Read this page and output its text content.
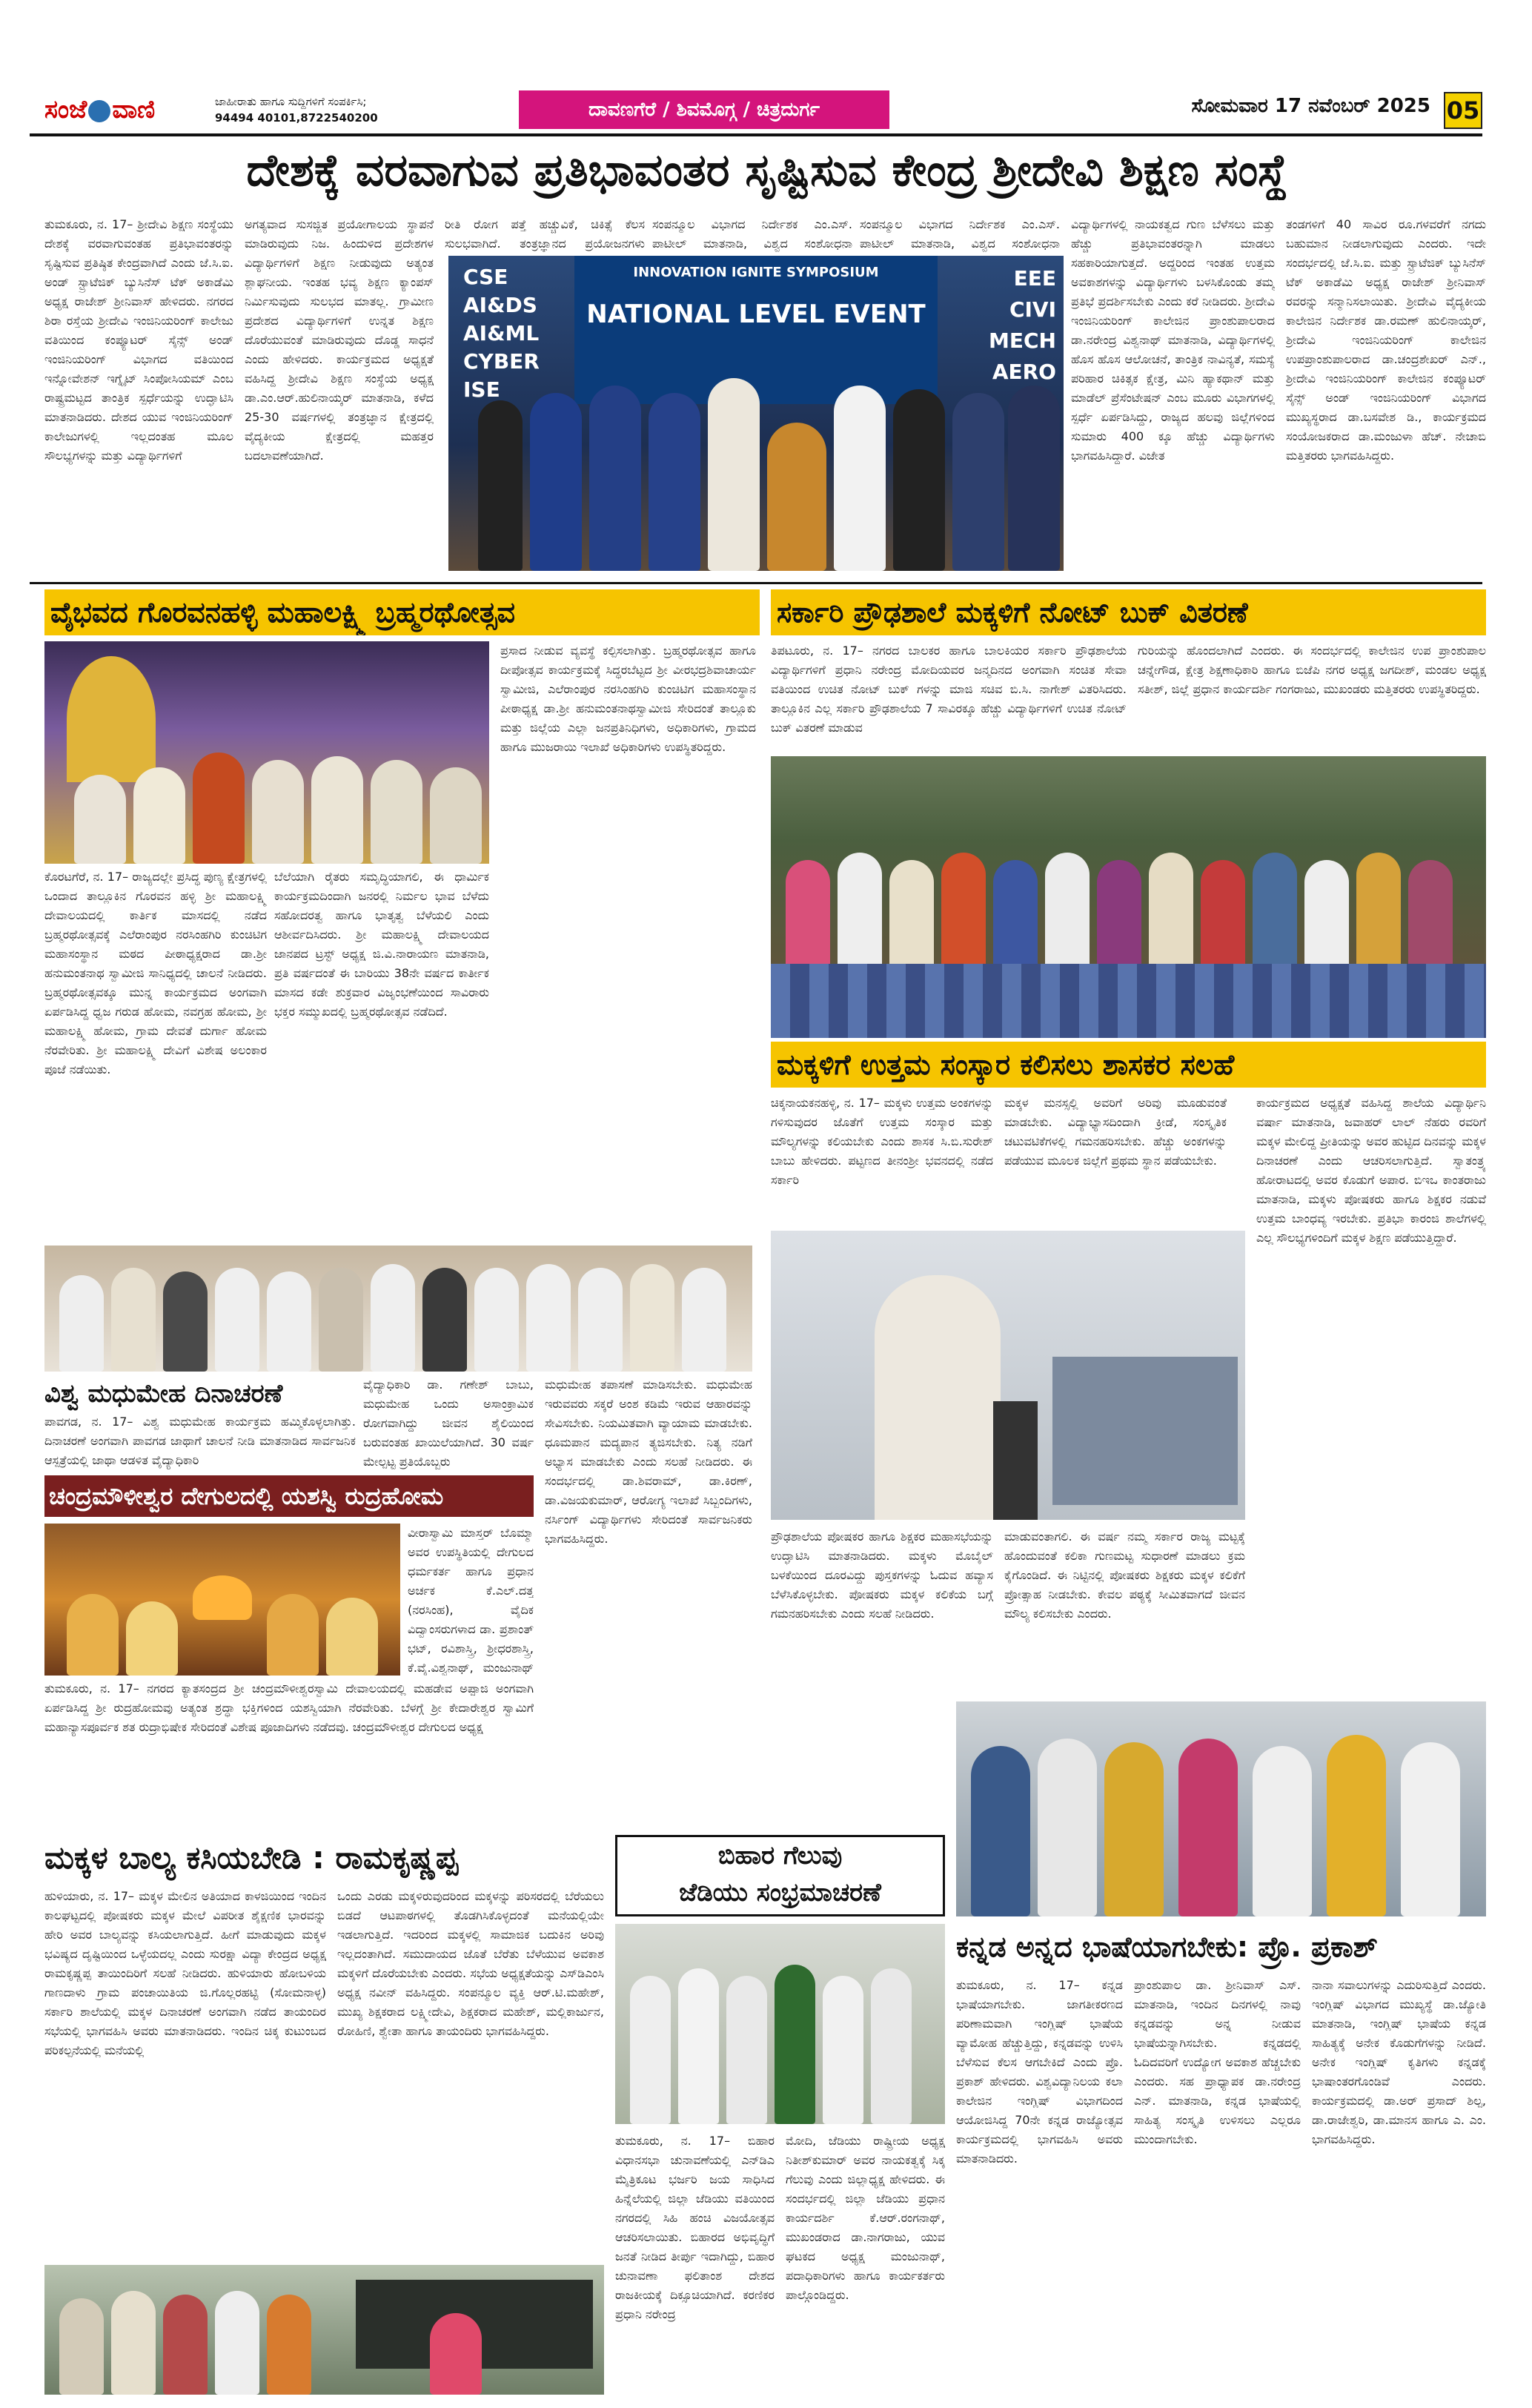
ಸಂಜೆ ವಾಣಿ	ಜಾಹೀರಾತು ಹಾಗೂ ಸುದ್ದಿಗಳಿಗೆ ಸಂಪರ್ಕಿಸಿ;
94494 40101,8722540200	ದಾವಣಗೆರೆ / ಶಿವಮೊಗ್ಗ / ಚಿತ್ರದುರ್ಗ	ಸೋಮವಾರ 17 ನವೆಂಬರ್ 2025 05
ದೇಶಕ್ಕೆ ವರವಾಗುವ ಪ್ರತಿಭಾವಂತರ ಸೃಷ್ಟಿಸುವ ಕೇಂದ್ರ ಶ್ರೀದೇವಿ ಶಿಕ್ಷಣ ಸಂಸ್ಥೆ
ತುಮಕೂರು, ನ. 17– ಶ್ರೀದೇವಿ ಶಿಕ್ಷಣ ಸಂಸ್ಥೆಯು ದೇಶಕ್ಕೆ ವರವಾಗುವಂತಹ ಪ್ರತಿಭಾವಂತರನ್ನು ಸೃಷ್ಟಿಸುವ ಪ್ರತಿಷ್ಠಿತ ಕೇಂದ್ರವಾಗಿದೆ ಎಂದು ಜೆ.ಸಿ.ಐ. ಅಂಡ್ ಸ್ಟ್ರಾಟೆಜಿಕ್ ಬ್ಯುಸಿನೆಸ್ ಟೆಕ್ ಅಕಾಡೆಮಿ ಅಧ್ಯಕ್ಷ ರಾಜೇಶ್ ಶ್ರೀನಿವಾಸ್ ಹೇಳಿದರು. ನಗರದ ಶಿರಾ ರಸ್ತೆಯ ಶ್ರೀದೇವಿ ಇಂಜಿನಿಯರಿಂಗ್ ಕಾಲೇಜು ವತಿಯಿಂದ ಕಂಪ್ಯೂಟರ್ ಸೈನ್ಸ್ ಅಂಡ್ ಇಂಜಿನಿಯರಿಂಗ್ ವಿಭಾಗದ ವತಿಯಿಂದ ಇನ್ನೋವೇಶನ್ ಇಗ್ನೈಟ್ ಸಿಂಪೋಸಿಯಮ್ ಎಂಬ ರಾಷ್ಟ್ರಮಟ್ಟದ ತಾಂತ್ರಿಕ ಸ್ಪರ್ಧೆಯನ್ನು ಉದ್ಘಾಟಿಸಿ ಮಾತನಾಡಿದರು. ದೇಶದ ಯುವ ಇಂಜಿನಿಯರಿಂಗ್ ಕಾಲೇಜುಗಳಲ್ಲಿ ಇಲ್ಲದಂತಹ ಮೂಲ ಸೌಲಭ್ಯಗಳನ್ನು ಮತ್ತು ವಿದ್ಯಾರ್ಥಿಗಳಿಗೆ
ಅಗತ್ಯವಾದ ಸುಸಜ್ಜಿತ ಪ್ರಯೋಗಾಲಯ ಸ್ಥಾಪನೆ ಮಾಡಿರುವುದು ನಿಜ. ಹಿಂದುಳಿದ ಪ್ರದೇಶಗಳ ವಿದ್ಯಾರ್ಥಿಗಳಿಗೆ ಶಿಕ್ಷಣ ನೀಡುವುದು ಅತ್ಯಂತ ಶ್ಲಾಘನೀಯ. ಇಂತಹ ಭವ್ಯ ಶಿಕ್ಷಣ ಕ್ಯಾಂಪಸ್ ನಿರ್ಮಿಸುವುದು ಸುಲಭದ ಮಾತಲ್ಲ. ಗ್ರಾಮೀಣ ಪ್ರದೇಶದ ವಿದ್ಯಾರ್ಥಿಗಳಿಗೆ ಉನ್ನತ ಶಿಕ್ಷಣ ದೊರೆಯುವಂತೆ ಮಾಡಿರುವುದು ದೊಡ್ಡ ಸಾಧನೆ ಎಂದು ಹೇಳಿದರು. ಕಾರ್ಯಕ್ರಮದ ಅಧ್ಯಕ್ಷತೆ ವಹಿಸಿದ್ದ ಶ್ರೀದೇವಿ ಶಿಕ್ಷಣ ಸಂಸ್ಥೆಯ ಅಧ್ಯಕ್ಷ ಡಾ.ಎಂ.ಆರ್.ಹುಲಿನಾಯ್ಕರ್ ಮಾತನಾಡಿ, ಕಳೆದ 25-30 ವರ್ಷಗಳಲ್ಲಿ ತಂತ್ರಜ್ಞಾನ ಕ್ಷೇತ್ರದಲ್ಲಿ ವೈದ್ಯಕೀಯ ಕ್ಷೇತ್ರದಲ್ಲಿ ಮಹತ್ತರ ಬದಲಾವಣೆಯಾಗಿದೆ.
ರೀತಿ ರೋಗ ಪತ್ತೆ ಹಚ್ಚುವಿಕೆ, ಚಿಕಿತ್ಸೆ ಕೆಲಸ ಸುಲಭವಾಗಿದೆ. ತಂತ್ರಜ್ಞಾನದ ಪ್ರಯೋಜನಗಳು
ಸಂಪನ್ಮೂಲ ವಿಭಾಗದ ನಿರ್ದೇಶಕ ಎಂ.ಎಸ್. ಪಾಟೀಲ್ ಮಾತನಾಡಿ, ವಿಶ್ವದ ಸಂಶೋಧನಾ
ಸಂಪನ್ಮೂಲ ವಿಭಾಗದ ನಿರ್ದೇಶಕ ಎಂ.ಎಸ್. ಪಾಟೀಲ್ ಮಾತನಾಡಿ, ವಿಶ್ವದ ಸಂಶೋಧನಾ
ವಿದ್ಯಾರ್ಥಿಗಳಲ್ಲಿ ನಾಯಕತ್ವದ ಗುಣ ಬೆಳೆಸಲು ಮತ್ತು ಹೆಚ್ಚು ಪ್ರತಿಭಾವಂತರನ್ನಾಗಿ ಮಾಡಲು ಸಹಕಾರಿಯಾಗುತ್ತದೆ. ಅದ್ದರಿಂದ ಇಂತಹ ಉತ್ತಮ ಅವಕಾಶಗಳನ್ನು ವಿದ್ಯಾರ್ಥಿಗಳು ಬಳಸಿಕೊಂಡು ತಮ್ಮ ಪ್ರತಿಭೆ ಪ್ರದರ್ಶಿಸಬೇಕು ಎಂದು ಕರೆ ನೀಡಿದರು. ಶ್ರೀದೇವಿ ಇಂಜಿನಿಯರಿಂಗ್ ಕಾಲೇಜಿನ ಪ್ರಾಂಶುಪಾಲರಾದ ಡಾ.ನರೇಂದ್ರ ವಿಶ್ವನಾಥ್ ಮಾತನಾಡಿ, ವಿದ್ಯಾರ್ಥಿಗಳಲ್ಲಿ ಹೊಸ ಹೊಸ ಆಲೋಚನೆ, ತಾಂತ್ರಿಕ ನಾವಿನ್ಯತೆ, ಸಮಸ್ಯೆ ಪರಿಹಾರ ಚಿಕಿತ್ಸಕ ಕ್ಷೇತ್ರ, ಮಿನಿ ಹ್ಯಾಕಥಾನ್ ಮತ್ತು ಮಾಡೆಲ್ ಪ್ರೆಸೆಂಟೇಷನ್ ಎಂಬ ಮೂರು ವಿಭಾಗಗಳಲ್ಲಿ ಸ್ಪರ್ಧೆ ಏರ್ಪಡಿಸಿದ್ದು, ರಾಜ್ಯದ ಹಲವು ಜಿಲ್ಲೆಗಳಿಂದ ಸುಮಾರು 400 ಕ್ಕೂ ಹೆಚ್ಚು ವಿದ್ಯಾರ್ಥಿಗಳು ಭಾಗವಹಿಸಿದ್ದಾರೆ. ವಿಜೇತ
ತಂಡಗಳಿಗೆ 40 ಸಾವಿರ ರೂ.ಗಳವರೆಗೆ ನಗದು ಬಹುಮಾನ ನೀಡಲಾಗುವುದು ಎಂದರು. ಇದೇ ಸಂದರ್ಭದಲ್ಲಿ ಜೆ.ಸಿ.ಐ. ಮತ್ತು ಸ್ಟ್ರಾಟೆಜಿಕ್ ಬ್ಯುಸಿನೆಸ್ ಟೆಕ್ ಅಕಾಡೆಮಿ ಅಧ್ಯಕ್ಷ ರಾಜೇಶ್ ಶ್ರೀನಿವಾಸ್ ರವರನ್ನು ಸನ್ಮಾನಿಸಲಾಯಿತು. ಶ್ರೀದೇವಿ ವೈದ್ಯಕೀಯ ಕಾಲೇಜಿನ ನಿರ್ದೇಶಕ ಡಾ.ರಮಣ್ ಹುಲಿನಾಯ್ಕರ್, ಶ್ರೀದೇವಿ ಇಂಜಿನಿಯರಿಂಗ್ ಕಾಲೇಜಿನ ಉಪಪ್ರಾಂಶುಪಾಲರಾದ ಡಾ.ಚಂದ್ರಶೇಖರ್ ಎನ್., ಶ್ರೀದೇವಿ ಇಂಜಿನಿಯರಿಂಗ್ ಕಾಲೇಜಿನ ಕಂಪ್ಯೂಟರ್ ಸೈನ್ಸ್ ಅಂಡ್ ಇಂಜಿನಿಯರಿಂಗ್ ವಿಭಾಗದ ಮುಖ್ಯಸ್ಥರಾದ ಡಾ.ಬಸವೇಶ ಡಿ., ಕಾರ್ಯಕ್ರಮದ ಸಂಯೋಜಕರಾದ ಡಾ.ಮಂಜುಳಾ ಹೆಚ್. ನೇಚಾಬಿ ಮತ್ತಿತರರು ಭಾಗವಹಿಸಿದ್ದರು.
INNOVATION IGNITE SYMPOSIUM
NATIONAL LEVEL EVENT
CSE
AI&DS
AI&ML
CYBER
ISE
EEE
CIVI
MECH
AERO
ವೈಭವದ ಗೊರವನಹಳ್ಳಿ ಮಹಾಲಕ್ಷ್ಮಿ ಬ್ರಹ್ಮರಥೋತ್ಸವ
ಕೊರಟಗೆರೆ, ನ. 17– ರಾಜ್ಯದಲ್ಲೇ ಪ್ರಸಿದ್ಧ ಪುಣ್ಯ ಕ್ಷೇತ್ರಗಳಲ್ಲಿ ಒಂದಾದ ತಾಲ್ಲೂಕಿನ ಗೊರವನ ಹಳ್ಳಿ ಶ್ರೀ ಮಹಾಲಕ್ಷ್ಮಿ ದೇವಾಲಯದಲ್ಲಿ ಕಾರ್ತಿಕ ಮಾಸದಲ್ಲಿ ನಡೆದ ಬ್ರಹ್ಮರಥೋತ್ಸವಕ್ಕೆ ಎಲೆರಾಂಪುರ ನರಸಿಂಹಗಿರಿ ಕುಂಚಿಟಿಗ ಮಹಾಸಂಸ್ಥಾನ ಮಠದ ಪೀಠಾಧ್ಯಕ್ಷರಾದ ಡಾ.ಶ್ರೀ ಹನುಮಂತನಾಥ ಸ್ವಾಮೀಜಿ ಸಾನಿಧ್ಯದಲ್ಲಿ ಚಾಲನೆ ನೀಡಿದರು. ಬ್ರಹ್ಮರಥೋತ್ಸವಕ್ಕೂ ಮುನ್ನ ಕಾರ್ಯಕ್ರಮದ ಅಂಗವಾಗಿ ಏರ್ಪಡಿಸಿದ್ದ ಧ್ವಜ ಗರುಡ ಹೋಮ, ನವಗ್ರಹ ಹೋಮ, ಶ್ರೀ ಮಹಾಲಕ್ಷ್ಮಿ ಹೋಮ, ಗ್ರಾಮ ದೇವತೆ ದುರ್ಗಾ ಹೋಮ ನೆರವೇರಿತು. ಶ್ರೀ ಮಹಾಲಕ್ಷ್ಮಿ ದೇವಿಗೆ ವಿಶೇಷ ಅಲಂಕಾರ ಪೂಜೆ ನಡೆಯಿತು.
ಬೆಲೆಯಾಗಿ ರೈತರು ಸಮೃದ್ಧಿಯಾಗಲಿ, ಈ ಧಾರ್ಮಿಕ ಕಾರ್ಯಕ್ರಮದಿಂದಾಗಿ ಜನರಲ್ಲಿ ನಿರ್ಮಲ ಭಾವ ಬೆಳೆದು ಸಹೋದರತ್ವ ಹಾಗೂ ಭಾತೃತ್ವ ಬೆಳೆಯಲಿ ಎಂದು ಆಶೀರ್ವದಿಸಿದರು. ಶ್ರೀ ಮಹಾಲಕ್ಷ್ಮಿ ದೇವಾಲಯದ ಜಾನಪದ ಟ್ರಸ್ಟ್ ಅಧ್ಯಕ್ಷ ಜಿ.ವಿ.ನಾರಾಯಣ ಮಾತನಾಡಿ, ಪ್ರತಿ ವರ್ಷದಂತೆ ಈ ಬಾರಿಯು 38ನೇ ವರ್ಷದ ಕಾರ್ತೀಕ ಮಾಸದ ಕಡೇ ಶುಕ್ರವಾರ ವಿಜೃಂಭಣೆಯಿಂದ ಸಾವಿರಾರು ಭಕ್ತರ ಸಮ್ಮುಖದಲ್ಲಿ ಬ್ರಹ್ಮರಥೋತ್ಸವ ನಡೆದಿದೆ.
ಪ್ರಸಾದ ನೀಡುವ ವ್ಯವಸ್ಥೆ ಕಲ್ಪಿಸಲಾಗಿತ್ತು. ಬ್ರಹ್ಮರಥೋತ್ಸವ ಹಾಗೂ ದೀಪೋತ್ಸವ ಕಾರ್ಯಕ್ರಮಕ್ಕೆ ಸಿದ್ಧರಬೆಟ್ಟದ ಶ್ರೀ ವೀರಭದ್ರಶಿವಾಚಾರ್ಯ ಸ್ವಾಮೀಜಿ, ಎಲೆರಾಂಪುರ ನರಸಿಂಹಗಿರಿ ಕುಂಚಿಟಿಗ ಮಹಾಸಂಸ್ಥಾನ ಪೀಠಾಧ್ಯಕ್ಷ ಡಾ.ಶ್ರೀ ಹನುಮಂತನಾಥಸ್ವಾಮೀಜಿ ಸೇರಿದಂತೆ ತಾಲ್ಲೂಕು ಮತ್ತು ಜಿಲ್ಲೆಯ ಎಲ್ಲಾ ಜನಪ್ರತಿನಿಧಿಗಳು, ಅಧಿಕಾರಿಗಳು, ಗ್ರಾಮದ ಹಾಗೂ ಮುಜರಾಯಿ ಇಲಾಖೆ ಅಧಿಕಾರಿಗಳು ಉಪಸ್ಥಿತರಿದ್ದರು.
ಸರ್ಕಾರಿ ಪ್ರೌಢಶಾಲೆ ಮಕ್ಕಳಿಗೆ ನೋಟ್ ಬುಕ್ ವಿತರಣೆ
ತಿಪಟೂರು, ನ. 17– ನಗರದ ಬಾಲಕರ ಹಾಗೂ ಬಾಲಕಿಯರ ಸರ್ಕಾರಿ ಪ್ರೌಢಶಾಲೆಯ ವಿದ್ಯಾರ್ಥಿಗಳಿಗೆ ಪ್ರಧಾನಿ ನರೇಂದ್ರ ಮೋದಿಯವರ ಜನ್ಮದಿನದ ಅಂಗವಾಗಿ ಸಂಚಿತ ಸೇವಾ ವತಿಯಿಂದ ಉಚಿತ ನೋಟ್ ಬುಕ್ ಗಳನ್ನು ಮಾಜಿ ಸಚಿವ ಬಿ.ಸಿ. ನಾಗೇಶ್ ವಿತರಿಸಿದರು. ತಾಲ್ಲೂಕಿನ ಎಲ್ಲ ಸರ್ಕಾರಿ ಪ್ರೌಢಶಾಲೆಯ 7 ಸಾವಿರಕ್ಕೂ ಹೆಚ್ಚು ವಿದ್ಯಾರ್ಥಿಗಳಿಗೆ ಉಚಿತ ನೋಟ್ ಬುಕ್ ವಿತರಣೆ ಮಾಡುವ
ಗುರಿಯನ್ನು ಹೊಂದಲಾಗಿದೆ ಎಂದರು. ಈ ಸಂದರ್ಭದಲ್ಲಿ ಕಾಲೇಜಿನ ಉಪ ಪ್ರಾಂಶುಪಾಲ ಚನ್ನೇಗೌಡ, ಕ್ಷೇತ್ರ ಶಿಕ್ಷಣಾಧಿಕಾರಿ ಹಾಗೂ ಬಿಜೆಪಿ ನಗರ ಅಧ್ಯಕ್ಷ ಜಗದೀಶ್, ಮಂಡಲ ಅಧ್ಯಕ್ಷ ಸತೀಶ್, ಜಿಲ್ಲೆ ಪ್ರಧಾನ ಕಾರ್ಯದರ್ಶಿ ಗಂಗರಾಜು, ಮುಖಂಡರು ಮತ್ತಿತರರು ಉಪಸ್ಥಿತರಿದ್ದರು.
ಮಕ್ಕಳಿಗೆ ಉತ್ತಮ ಸಂಸ್ಕಾರ ಕಲಿಸಲು ಶಾಸಕರ ಸಲಹೆ
ಚಿಕ್ಕನಾಯಕನಹಳ್ಳಿ, ನ. 17– ಮಕ್ಕಳು ಉತ್ತಮ ಅಂಕಗಳನ್ನು ಗಳಿಸುವುದರ ಜೊತೆಗೆ ಉತ್ತಮ ಸಂಸ್ಕಾರ ಮತ್ತು ಮೌಲ್ಯಗಳನ್ನು ಕಲಿಯಬೇಕು ಎಂದು ಶಾಸಕ ಸಿ.ಬಿ.ಸುರೇಶ್ ಬಾಬು ಹೇಳಿದರು. ಪಟ್ಟಣದ ತೀನಂಶ್ರೀ ಭವನದಲ್ಲಿ ನಡೆದ ಸರ್ಕಾರಿ
ಮಕ್ಕಳ ಮನಸ್ಸಲ್ಲಿ ಅವರಿಗೆ ಅರಿವು ಮೂಡುವಂತೆ ಮಾಡಬೇಕು. ವಿದ್ಯಾಭ್ಯಾಸದಿಂದಾಗಿ ಕ್ರೀಡೆ, ಸಂಸ್ಕೃತಿಕ ಚಟುವಟಿಕೆಗಳಲ್ಲಿ ಗಮನಹರಿಸಬೇಕು. ಹೆಚ್ಚು ಅಂಕಗಳನ್ನು ಪಡೆಯುವ ಮೂಲಕ ಜಿಲ್ಲೆಗೆ ಪ್ರಥಮ ಸ್ಥಾನ ಪಡೆಯಬೇಕು.
ಕಾರ್ಯಕ್ರಮದ ಅಧ್ಯಕ್ಷತೆ ವಹಿಸಿದ್ದ ಶಾಲೆಯ ವಿದ್ಯಾರ್ಥಿನಿ ವರ್ಷಾ ಮಾತನಾಡಿ, ಜವಾಹರ್ ಲಾಲ್ ನೆಹರು ರವರಿಗೆ ಮಕ್ಕಳ ಮೇಲಿದ್ದ ಪ್ರೀತಿಯನ್ನು ಅವರ ಹುಟ್ಟಿದ ದಿನವನ್ನು ಮಕ್ಕಳ ದಿನಾಚರಣೆ ಎಂದು ಆಚರಿಸಲಾಗುತ್ತಿದೆ. ಸ್ವಾತಂತ್ರ್ಯ ಹೋರಾಟದಲ್ಲಿ ಅವರ ಕೊಡುಗೆ ಅಪಾರ. ಬಿಇಒ ಕಾಂತರಾಜು ಮಾತನಾಡಿ, ಮಕ್ಕಳು ಪೋಷಕರು ಹಾಗೂ ಶಿಕ್ಷಕರ ನಡುವೆ ಉತ್ತಮ ಬಾಂಧವ್ಯ ಇರಬೇಕು. ಪ್ರತಿಭಾ ಕಾರಂಜಿ ಶಾಲೆಗಳಲ್ಲಿ ಎಲ್ಲ ಸೌಲಭ್ಯಗಳಿಂದಿಗೆ ಮಕ್ಕಳ ಶಿಕ್ಷಣ ಪಡೆಯುತ್ತಿದ್ದಾರೆ.
ಪ್ರೌಢಶಾಲೆಯ ಪೋಷಕರ ಹಾಗೂ ಶಿಕ್ಷಕರ ಮಹಾಸಭೆಯನ್ನು ಉದ್ಘಾಟಿಸಿ ಮಾತನಾಡಿದರು. ಮಕ್ಕಳು ಮೊಬೈಲ್ ಬಳಕೆಯಿಂದ ದೂರವಿದ್ದು ಪುಸ್ತಕಗಳನ್ನು ಓದುವ ಹವ್ಯಾಸ ಬೆಳೆಸಿಕೊಳ್ಳಬೇಕು. ಪೋಷಕರು ಮಕ್ಕಳ ಕಲಿಕೆಯ ಬಗ್ಗೆ ಗಮನಹರಿಸಬೇಕು ಎಂದು ಸಲಹೆ ನೀಡಿದರು.
ಮಾಡುವಂತಾಗಲಿ. ಈ ವರ್ಷ ನಮ್ಮ ಸರ್ಕಾರ ರಾಜ್ಯ ಮಟ್ಟಕ್ಕೆ ಹೊಂದುವಂತೆ ಕಲಿಕಾ ಗುಣಮಟ್ಟ ಸುಧಾರಣೆ ಮಾಡಲು ಕ್ರಮ ಕೈಗೊಂಡಿದೆ. ಈ ನಿಟ್ಟಿನಲ್ಲಿ ಪೋಷಕರು ಶಿಕ್ಷಕರು ಮಕ್ಕಳ ಕಲಿಕೆಗೆ ಪ್ರೋತ್ಸಾಹ ನೀಡಬೇಕು. ಕೇವಲ ಪಠ್ಯಕ್ಕೆ ಸೀಮಿತವಾಗದೆ ಜೀವನ ಮೌಲ್ಯ ಕಲಿಸಬೇಕು ಎಂದರು.
ವಿಶ್ವ ಮಧುಮೇಹ ದಿನಾಚರಣೆ
ಪಾವಗಡ, ನ. 17– ವಿಶ್ವ ಮಧುಮೇಹ ಕಾರ್ಯಕ್ರಮ ಹಮ್ಮಿಕೊಳ್ಳಲಾಗಿತ್ತು. ದಿನಾಚರಣೆ ಅಂಗವಾಗಿ ಪಾವಗಡ ಜಾಥಾಗೆ ಚಾಲನೆ ನೀಡಿ ಮಾತನಾಡಿದ ಸಾರ್ವಜನಿಕ ಆಸ್ಪತ್ರೆಯಲ್ಲಿ ಜಾಥಾ ಆಡಳಿತ ವೈದ್ಯಾಧಿಕಾರಿ
ವೈದ್ಯಾಧಿಕಾರಿ ಡಾ. ಗಣೇಶ್ ಬಾಬು, ಮಧುಮೇಹ ಒಂದು ಅಸಾಂಕ್ರಾಮಿಕ ರೋಗವಾಗಿದ್ದು ಜೀವನ ಶೈಲಿಯಿಂದ ಬರುವಂತಹ ಖಾಯಿಲೆಯಾಗಿದೆ. 30 ವರ್ಷ ಮೇಲ್ಪಟ್ಟ ಪ್ರತಿಯೊಬ್ಬರು
ಮಧುಮೇಹ ತಪಾಸಣೆ ಮಾಡಿಸಬೇಕು. ಮಧುಮೇಹ ಇರುವವರು ಸಕ್ಕರೆ ಅಂಶ ಕಡಿಮೆ ಇರುವ ಆಹಾರವನ್ನು ಸೇವಿಸಬೇಕು. ನಿಯಮಿತವಾಗಿ ವ್ಯಾಯಾಮ ಮಾಡಬೇಕು. ಧೂಮಪಾನ ಮದ್ಯಪಾನ ತ್ಯಜಿಸಬೇಕು. ನಿತ್ಯ ನಡಿಗೆ ಅಭ್ಯಾಸ ಮಾಡಬೇಕು ಎಂದು ಸಲಹೆ ನೀಡಿದರು. ಈ ಸಂದರ್ಭದಲ್ಲಿ ಡಾ.ಶಿವರಾಮ್, ಡಾ.ಕಿರಣ್, ಡಾ.ವಿಜಯಕುಮಾರ್, ಆರೋಗ್ಯ ಇಲಾಖೆ ಸಿಬ್ಬಂದಿಗಳು, ನರ್ಸಿಂಗ್ ವಿದ್ಯಾರ್ಥಿಗಳು ಸೇರಿದಂತೆ ಸಾರ್ವಜನಿಕರು ಭಾಗವಹಿಸಿದ್ದರು.
ಚಂದ್ರಮೌಳೀಶ್ವರ ದೇಗುಲದಲ್ಲಿ ಯಶಸ್ವಿ ರುದ್ರಹೋಮ
ವೀರಾಸ್ವಾಮಿ ಮಾಸ್ತರ್ ಬೊಮ್ಮಾ ಅವರ ಉಪಸ್ಥಿತಿಯಲ್ಲಿ ದೇಗುಲದ ಧರ್ಮಕರ್ತ ಹಾಗೂ ಪ್ರಧಾನ ಅರ್ಚಕ ಕೆ.ಎಲ್.ದತ್ತ (ನರಸಿಂಹ), ವೈದಿಕ ವಿದ್ವಾಂಸರುಗಳಾದ ಡಾ. ಪ್ರಶಾಂತ್ ಭಟ್, ರವಿಶಾಸ್ತ್ರಿ, ಶ್ರೀಧರಶಾಸ್ತ್ರಿ, ಕೆ.ವೈ.ವಿಶ್ವನಾಥ್, ಮಂಜುನಾಥ್
ತುಮಕೂರು, ನ. 17– ನಗರದ ಕ್ಯಾತಸಂದ್ರದ ಶ್ರೀ ಚಂದ್ರಮೌಳೀಶ್ವರಸ್ವಾಮಿ ದೇವಾಲಯದಲ್ಲಿ ಮಹಡೇವ ಅಪ್ಪಾಜಿ ಅಂಗವಾಗಿ ಏರ್ಪಡಿಸಿದ್ದ ಶ್ರೀ ರುದ್ರಹೋಮವು ಅತ್ಯಂತ ಶ್ರದ್ಧಾ ಭಕ್ತಿಗಳಿಂದ ಯಶಸ್ವಿಯಾಗಿ ನೆರವೇರಿತು. ಬೆಳಗ್ಗೆ ಶ್ರೀ ಕೇದಾರೇಶ್ವರ ಸ್ವಾಮಿಗೆ ಮಹಾನ್ಯಾಸಪೂರ್ವಕ ಶತ ರುದ್ರಾಭಿಷೇಕ ಸೇರಿದಂತೆ ವಿಶೇಷ ಪೂಜಾದಿಗಳು ನಡೆದವು. ಚಂದ್ರಮೌಳೀಶ್ವರ ದೇಗುಲದ ಅಧ್ಯಕ್ಷ
ಮಕ್ಕಳ ಬಾಲ್ಯ ಕಸಿಯಬೇಡಿ : ರಾಮಕೃಷ್ಣಪ್ಪ
ಹುಳಿಯಾರು, ನ. 17– ಮಕ್ಕಳ ಮೇಲಿನ ಅತಿಯಾದ ಕಾಳಜಿಯಿಂದ ಇಂದಿನ ಕಾಲಘಟ್ಟದಲ್ಲಿ ಪೋಷಕರು ಮಕ್ಕಳ ಮೇಲೆ ವಿಪರೀತ ಶೈಕ್ಷಣಿಕ ಭಾರವನ್ನು ಹೇರಿ ಅವರ ಬಾಲ್ಯವನ್ನು ಕಸಿಯಲಾಗುತ್ತಿದೆ. ಹೀಗೆ ಮಾಡುವುದು ಮಕ್ಕಳ ಭವಿಷ್ಯದ ದೃಷ್ಟಿಯಿಂದ ಒಳ್ಳೆಯದಲ್ಲ ಎಂದು ಸುರಕ್ಷಾ ವಿದ್ಯಾ ಕೇಂದ್ರದ ಅಧ್ಯಕ್ಷ ರಾಮಕೃಷ್ಣಪ್ಪ ತಾಯಿಂದಿರಿಗೆ ಸಲಹೆ ನೀಡಿದರು. ಹುಳಿಯಾರು ಹೋಬಳಿಯ ಗಾಣದಾಳು ಗ್ರಾಮ ಪಂಚಾಯಿತಿಯ ಜಿ.ಗೊಲ್ಲರಹಟ್ಟಿ (ಸೋಮನಾಳ್ಳ) ಸರ್ಕಾರಿ ಶಾಲೆಯಲ್ಲಿ ಮಕ್ಕಳ ದಿನಾಚರಣೆ ಅಂಗವಾಗಿ ನಡೆದ ತಾಯಂದಿರ ಸಭೆಯಲ್ಲಿ ಭಾಗವಹಿಸಿ ಅವರು ಮಾತನಾಡಿದರು. ಇಂದಿನ ಚಿಕ್ಕ ಕುಟುಂಬದ ಪರಿಕಲ್ಪನೆಯಲ್ಲಿ ಮನೆಯಲ್ಲಿ
ಒಂದು ಎರಡು ಮಕ್ಕಳಿರುವುದರಿಂದ ಮಕ್ಕಳನ್ನು ಪರಿಸರದಲ್ಲಿ ಬೆರೆಯಲು ಬಿಡದೆ ಆಟಪಾಠಗಳಲ್ಲಿ ತೊಡಗಿಸಿಕೊಳ್ಳದಂತೆ ಮನೆಯಲ್ಲಿಯೇ ಇಡಲಾಗುತ್ತಿದೆ. ಇದರಿಂದ ಮಕ್ಕಳಲ್ಲಿ ಸಾಮಾಜಿಕ ಬದುಕಿನ ಅರಿವು ಇಲ್ಲದಂತಾಗಿದೆ. ಸಮುದಾಯದ ಜೊತೆ ಬೆರೆತು ಬೆಳೆಯುವ ಅವಕಾಶ ಮಕ್ಕಳಿಗೆ ದೊರೆಯಬೇಕು ಎಂದರು. ಸಭೆಯ ಅಧ್ಯಕ್ಷತೆಯನ್ನು ಎಸ್‌ಡಿಎಂಸಿ ಅಧ್ಯಕ್ಷ ನವೀನ್ ವಹಿಸಿದ್ದರು. ಸಂಪನ್ಮೂಲ ವ್ಯಕ್ತಿ ಆರ್.ಟಿ.ಮಹೇಶ್, ಮುಖ್ಯ ಶಿಕ್ಷಕರಾದ ಲಕ್ಷ್ಮೀದೇವಿ, ಶಿಕ್ಷಕರಾದ ಮಹೇಶ್, ಮಲ್ಲಿಕಾರ್ಜುನ, ರೋಹಿಣಿ, ಶ್ವೇತಾ ಹಾಗೂ ತಾಯಂದಿರು ಭಾಗವಹಿಸಿದ್ದರು.
ಬಿಹಾರ ಗೆಲುವು
ಜೆಡಿಯು ಸಂಭ್ರಮಾಚರಣೆ
ತುಮಕೂರು, ನ. 17– ಬಿಹಾರ ವಿಧಾನಸಭಾ ಚುನಾವಣೆಯಲ್ಲಿ ಎನ್‌ಡಿಎ ಮೈತ್ರಿಕೂಟ ಭರ್ಜರಿ ಜಯ ಸಾಧಿಸಿದ ಹಿನ್ನೆಲೆಯಲ್ಲಿ ಜಿಲ್ಲಾ ಜೆಡಿಯು ವತಿಯಿಂದ ನಗರದಲ್ಲಿ ಸಿಹಿ ಹಂಚಿ ವಿಜಯೋತ್ಸವ ಆಚರಿಸಲಾಯಿತು. ಬಿಹಾರದ ಅಭಿವೃದ್ಧಿಗೆ ಜನತೆ ನೀಡಿದ ತೀರ್ಪು ಇದಾಗಿದ್ದು, ಬಿಹಾರ ಚುನಾವಣಾ ಫಲಿತಾಂಶ ದೇಶದ ರಾಜಕೀಯಕ್ಕೆ ದಿಕ್ಸೂಚಿಯಾಗಿದೆ. ಕರಣಿಕರ ಪ್ರಧಾನಿ ನರೇಂದ್ರ
ಮೋದಿ, ಜೆಡಿಯು ರಾಷ್ಟ್ರೀಯ ಅಧ್ಯಕ್ಷ ನಿತೀಶ್‌ಕುಮಾರ್ ಅವರ ನಾಯಕತ್ವಕ್ಕೆ ಸಿಕ್ಕ ಗೆಲುವು ಎಂದು ಜಿಲ್ಲಾಧ್ಯಕ್ಷ ಹೇಳಿದರು. ಈ ಸಂದರ್ಭದಲ್ಲಿ ಜಿಲ್ಲಾ ಜೆಡಿಯು ಪ್ರಧಾನ ಕಾರ್ಯದರ್ಶಿ ಕೆ.ಆರ್.ರಂಗನಾಥ್, ಮುಖಂಡರಾದ ಡಾ.ನಾಗರಾಜು, ಯುವ ಘಟಕದ ಅಧ್ಯಕ್ಷ ಮಂಜುನಾಥ್, ಪದಾಧಿಕಾರಿಗಳು ಹಾಗೂ ಕಾರ್ಯಕರ್ತರು ಪಾಲ್ಗೊಂಡಿದ್ದರು.
ಕನ್ನಡ ಅನ್ನದ ಭಾಷೆಯಾಗಬೇಕು: ಪ್ರೊ. ಪ್ರಕಾಶ್
ತುಮಕೂರು, ನ. 17– ಕನ್ನಡ ಭಾಷೆಯಾಗಬೇಕು. ಜಾಗತೀಕರಣದ ಪರಿಣಾಮವಾಗಿ ಇಂಗ್ಲಿಷ್ ಭಾಷೆಯ ವ್ಯಾಮೋಹ ಹೆಚ್ಚುತ್ತಿದ್ದು, ಕನ್ನಡವನ್ನು ಉಳಿಸಿ ಬೆಳೆಸುವ ಕೆಲಸ ಆಗಬೇಕಿದೆ ಎಂದು ಪ್ರೊ. ಪ್ರಕಾಶ್ ಹೇಳಿದರು. ವಿಶ್ವವಿದ್ಯಾನಿಲಯ ಕಲಾ ಕಾಲೇಜಿನ ಇಂಗ್ಲಿಷ್ ವಿಭಾಗದಿಂದ ಆಯೋಜಿಸಿದ್ದ 70ನೇ ಕನ್ನಡ ರಾಜ್ಯೋತ್ಸವ ಕಾರ್ಯಕ್ರಮದಲ್ಲಿ ಭಾಗವಹಿಸಿ ಅವರು ಮಾತನಾಡಿದರು.
ಪ್ರಾಂಶುಪಾಲ ಡಾ. ಶ್ರೀನಿವಾಸ್ ಎಸ್. ಮಾತನಾಡಿ, ಇಂದಿನ ದಿನಗಳಲ್ಲಿ ನಾವು ಕನ್ನಡವನ್ನು ಅನ್ನ ನೀಡುವ ಭಾಷೆಯನ್ನಾಗಿಸಬೇಕು. ಕನ್ನಡದಲ್ಲಿ ಓದಿದವರಿಗೆ ಉದ್ಯೋಗ ಅವಕಾಶ ಹೆಚ್ಚಬೇಕು ಎಂದರು. ಸಹ ಪ್ರಾಧ್ಯಾಪಕ ಡಾ.ನರೇಂದ್ರ ಎನ್. ಮಾತನಾಡಿ, ಕನ್ನಡ ಭಾಷೆಯಲ್ಲಿ ಸಾಹಿತ್ಯ ಸಂಸ್ಕೃತಿ ಉಳಿಸಲು ಎಲ್ಲರೂ ಮುಂದಾಗಬೇಕು.
ನಾನಾ ಸವಾಲುಗಳನ್ನು ಎದುರಿಸುತ್ತಿದೆ ಎಂದರು. ಇಂಗ್ಲಿಷ್ ವಿಭಾಗದ ಮುಖ್ಯಸ್ಥೆ ಡಾ.ಜ್ಯೋತಿ ಮಾತನಾಡಿ, ಇಂಗ್ಲಿಷ್ ಭಾಷೆಯ ಕನ್ನಡ ಸಾಹಿತ್ಯಕ್ಕೆ ಅನೇಕ ಕೊಡುಗೆಗಳನ್ನು ನೀಡಿದೆ. ಅನೇಕ ಇಂಗ್ಲಿಷ್ ಕೃತಿಗಳು ಕನ್ನಡಕ್ಕೆ ಭಾಷಾಂತರಗೊಂಡಿವೆ ಎಂದರು. ಕಾರ್ಯಕ್ರಮದಲ್ಲಿ ಡಾ.ಅರ್ ಪ್ರಸಾದ್ ಶಿಲ್ಪ, ಡಾ.ರಾಜೇಶ್ವರಿ, ಡಾ.ಮಾನಸ ಹಾಗೂ ಎ. ಎಂ. ಭಾಗವಹಿಸಿದ್ದರು.
